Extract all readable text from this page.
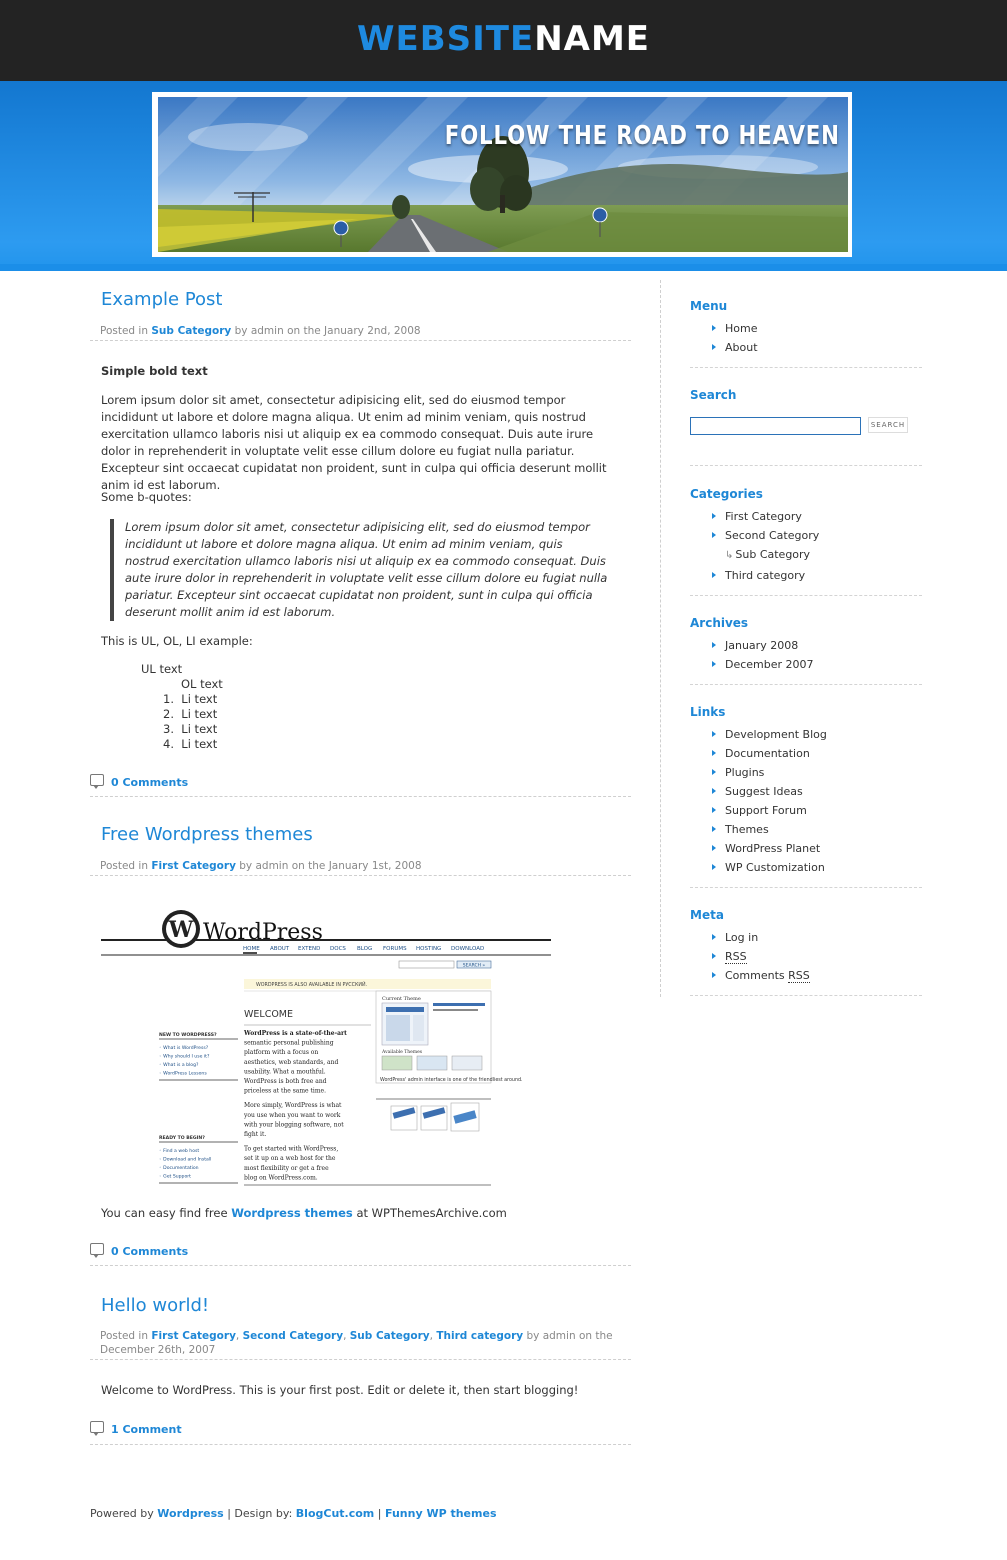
WEBSITENAME
FOLLOW THE ROAD TO HEAVEN
Example Post
Posted in Sub Category by admin on the January 2nd, 2008
Simple bold text
Lorem ipsum dolor sit amet, consectetur adipisicing elit, sed do eiusmod tempor incididunt ut labore et dolore magna aliqua. Ut enim ad minim veniam, quis nostrud exercitation ullamco laboris nisi ut aliquip ex ea commodo consequat. Duis aute irure dolor in reprehenderit in voluptate velit esse cillum dolore eu fugiat nulla pariatur. Excepteur sint occaecat cupidatat non proident, sunt in culpa qui officia deserunt mollit anim id est laborum.
Some b-quotes:
Lorem ipsum dolor sit amet, consectetur adipisicing elit, sed do eiusmod tempor incididunt ut labore et dolore magna aliqua. Ut enim ad minim veniam, quis nostrud exercitation ullamco laboris nisi ut aliquip ex ea commodo consequat. Duis aute irure dolor in reprehenderit in voluptate velit esse cillum dolore eu fugiat nulla pariatur. Excepteur sint occaecat cupidatat non proident, sunt in culpa qui officia deserunt mollit anim id est laborum.
This is UL, OL, LI example:
UL text
OL text
1.  Li text
2.  Li text
3.  Li text
4.  Li text
0 Comments
Free Wordpress themes
Posted in First Category by admin on the January 1st, 2008
You can easy find free Wordpress themes at WPThemesArchive.com
0 Comments
W WordPress
HOME ABOUT EXTEND DOCS BLOG FORUMS HOSTING DOWNLOAD
SEARCH »
WORDPRESS IS ALSO AVAILABLE IN РУССКИЙ.
WELCOME
NEW TO WORDPRESS?
◦ What is WordPress?
◦ Why should I use it?
◦ What is a blog?
◦ WordPress Lessons
READY TO BEGIN?
◦ Find a web host
◦ Download and Install
◦ Documentation
◦ Get Support
WordPress is a state-of-the-art
semantic personal publishing
platform with a focus on
aesthetics, web standards, and
usability. What a mouthful.
WordPress is both free and
priceless at the same time.
More simply, WordPress is what
you use when you want to work
with your blogging software, not
fight it.
To get started with WordPress,
set it up on a web host for the
most flexibility or get a free
blog on WordPress.com.
Current Theme
Available Themes
WordPress' admin interface is one of the friendliest around.
Hello world!
Posted in First Category, Second Category, Sub Category, Third category by admin on the December 26th, 2007
Welcome to WordPress. This is your first post. Edit or delete it, then start blogging!
1 Comment
Menu
Home
About
Search
SEARCH
Categories
First Category
Second Category
↳ Sub Category
Third category
Archives
January 2008
December 2007
Links
Development Blog
Documentation
Plugins
Suggest Ideas
Support Forum
Themes
WordPress Planet
WP Customization
Meta
Log in
RSS
Comments RSS
Powered by Wordpress | Design by: BlogCut.com | Funny WP themes
